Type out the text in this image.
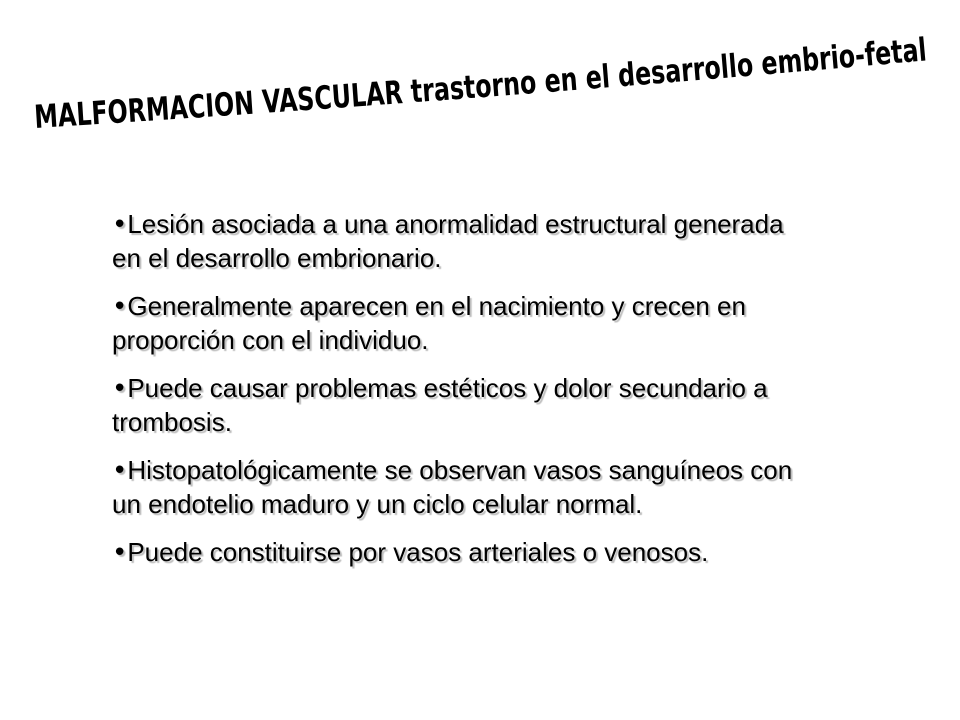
MALFORMACION VASCULAR trastorno en el desarrollo embrio-fetal
•Lesión asociada a una anormalidad estructural generada en el desarrollo embrionario.
•Generalmente aparecen en el nacimiento y crecen en proporción con el individuo.
•Puede causar problemas estéticos y dolor secundario a trombosis.
•Histopatológicamente se observan vasos sanguíneos con un endotelio maduro y un ciclo celular normal.
•Puede constituirse por vasos arteriales o venosos.
